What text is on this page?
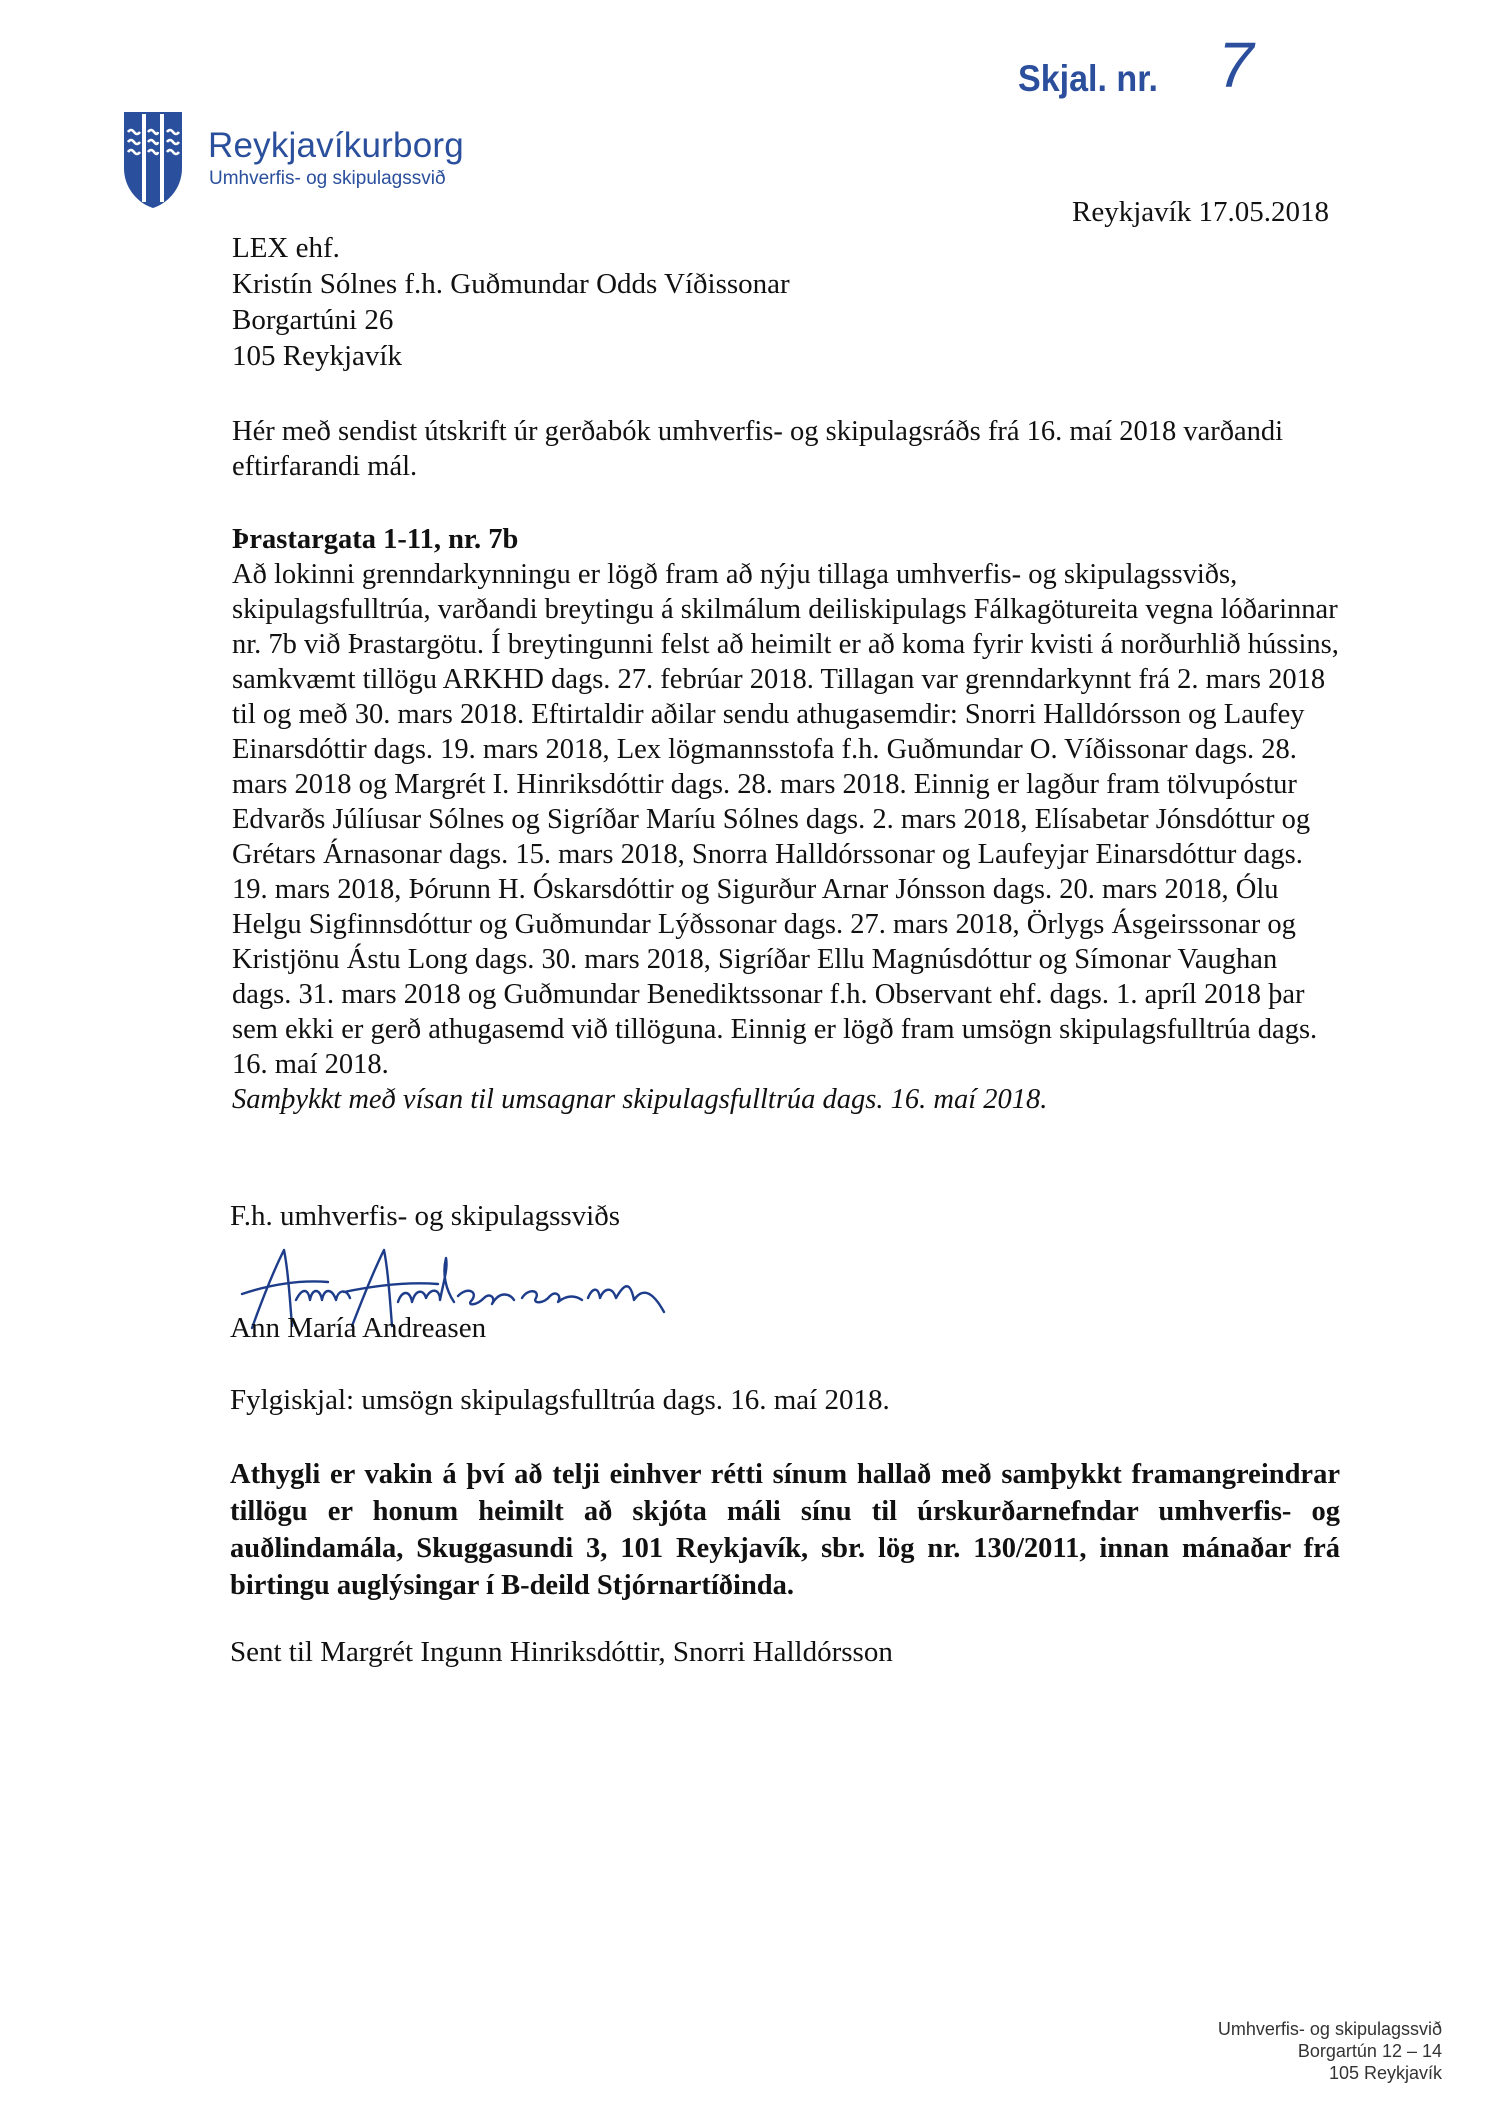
Reykjavíkurborg
Umhverfis- og skipulagssvið
Skjal. nr. 7
Reykjavík 17.05.2018
LEX ehf.
Kristín Sólnes f.h. Guðmundar Odds Víðissonar
Borgartúni 26
105 Reykjavík
Hér með sendist útskrift úr gerðabók umhverfis- og skipulagsráðs frá 16. maí 2018 varðandi eftirfarandi mál.
Þrastargata 1-11, nr. 7b
Að lokinni grenndarkynningu er lögð fram að nýju tillaga umhverfis- og skipulagssviðs, skipulagsfulltrúa, varðandi breytingu á skilmálum deiliskipulags Fálkagötureita vegna lóðarinnar nr. 7b við Þrastargötu. Í breytingunni felst að heimilt er að koma fyrir kvisti á norðurhlið hússins, samkvæmt tillögu ARKHD dags. 27. febrúar 2018. Tillagan var grenndarkynnt frá 2. mars 2018 til og með 30. mars 2018. Eftirtaldir aðilar sendu athugasemdir: Snorri Halldórsson og Laufey Einarsdóttir dags. 19. mars 2018, Lex lögmannsstofa f.h. Guðmundar O. Víðissonar dags. 28. mars 2018 og Margrét I. Hinriksdóttir dags. 28. mars 2018. Einnig er lagður fram tölvupóstur Edvarðs Júlíusar Sólnes og Sigríðar Maríu Sólnes dags. 2. mars 2018, Elísabetar Jónsdóttur og Grétars Árnasonar dags. 15. mars 2018, Snorra Halldórssonar og Laufeyjar Einarsdóttur dags. 19. mars 2018, Þórunn H. Óskarsdóttir og Sigurður Arnar Jónsson dags. 20. mars 2018, Ólu Helgu Sigfinnsdóttur og Guðmundar Lýðssonar dags. 27. mars 2018, Örlygs Ásgeirssonar og Kristjönu Ástu Long dags. 30. mars 2018, Sigríðar Ellu Magnúsdóttur og Símonar Vaughan dags. 31. mars 2018 og Guðmundar Benediktssonar f.h. Observant ehf. dags. 1. apríl 2018 þar sem ekki er gerð athugasemd við tillöguna. Einnig er lögð fram umsögn skipulagsfulltrúa dags. 16. maí 2018.
Samþykkt með vísan til umsagnar skipulagsfulltrúa dags. 16. maí 2018.
F.h. umhverfis- og skipulagssviðs
Ann María Andreasen
Fylgiskjal: umsögn skipulagsfulltrúa dags. 16. maí 2018.
Athygli er vakin á því að telji einhver rétti sínum hallað með samþykkt framangreindrar tillögu er honum heimilt að skjóta máli sínu til úrskurðarnefndar umhverfis- og auðlindamála, Skuggasundi 3, 101 Reykjavík, sbr. lög nr. 130/2011, innan mánaðar frá birtingu auglýsingar í B-deild Stjórnartíðinda.
Sent til Margrét Ingunn Hinriksdóttir, Snorri Halldórsson
Umhverfis- og skipulagssvið
Borgartún 12 – 14
105 Reykjavík
